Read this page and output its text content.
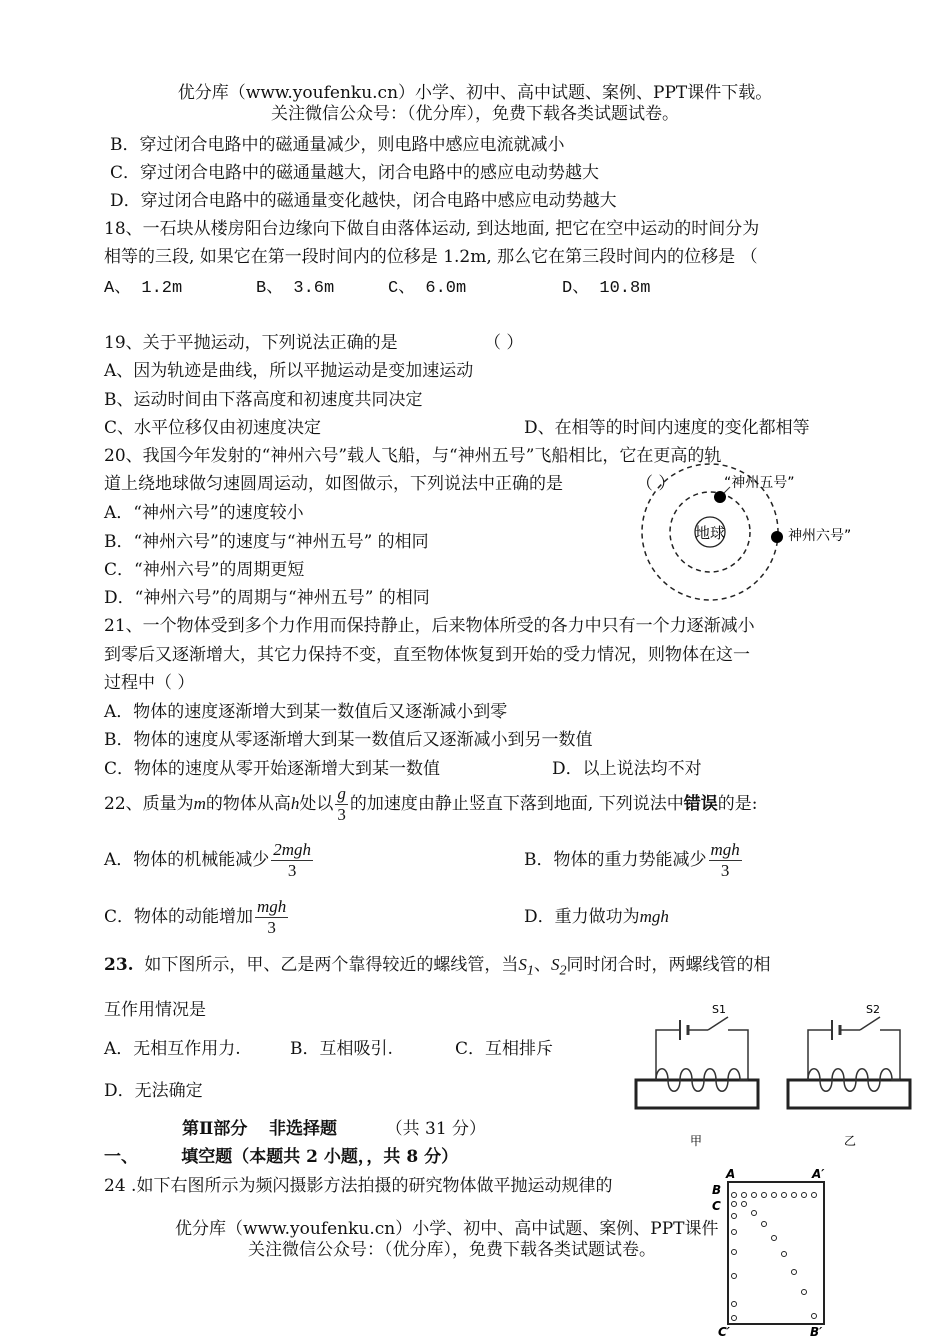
优分库（www.youfenku.cn）小学、初中、高中试题、案例、PPT课件下载。
关注微信公众号：（优分库），免费下载各类试题试卷。
B．穿过闭合电路中的磁通量减少，则电路中感应电流就减小
C．穿过闭合电路中的磁通量越大，闭合电路中的感应电动势越大
D．穿过闭合电路中的磁通量变化越快，闭合电路中感应电动势越大
18、一石块从楼房阳台边缘向下做自由落体运动, 到达地面, 把它在空中运动的时间分为
相等的三段, 如果它在第一段时间内的位移是 1.2m, 那么它在第三段时间内的位移是 （
A、 1.2m	B、 3.6m	C、 6.0m	D、 10.8m
19、关于平抛运动，下列说法正确的是	（ ）
A、因为轨迹是曲线，所以平抛运动是变加速运动
B、运动时间由下落高度和初速度共同决定
C、水平位移仅由初速度决定	D、在相等的时间内速度的变化都相等
20、我国今年发射的“神州六号”载人飞船，与“神州五号”飞船相比，它在更高的轨
道上绕地球做匀速圆周运动，如图做示，下列说法中正确的是	（ ）
A．“神州六号”的速度较小
B．“神州六号”的速度与“神州五号” 的相同
C．“神州六号”的周期更短
D．“神州六号”的周期与“神州五号” 的相同
地球
“神州五号”
神州六号”
21、一个物体受到多个力作用而保持静止，后来物体所受的各力中只有一个力逐渐减小
到零后又逐渐增大，其它力保持不变，直至物体恢复到开始的受力情况，则物体在这一
过程中（ ）
A．物体的速度逐渐增大到某一数值后又逐渐减小到零
B．物体的速度从零逐渐增大到某一数值后又逐渐减小到另一数值
C．物体的速度从零开始逐渐增大到某一数值	D．以上说法均不对
22、质量为m的物体从高h处以 $\frac{g}{3}$ 的加速度由静止竖直下落到地面, 下列说法中错误的是:
A．物体的机械能减少 $\frac{\text{2mgh}}{3}$	B．物体的重力势能减少 $\frac{\text{mgh}}{3}$
C．物体的动能增加 $\frac{\text{mgh}}{3}$	D．重力做功为mgh
23. 如下图所示，甲、乙是两个靠得较近的螺线管，当$S_1$、$S_2$同时闭合时，两螺线管的相
互作用情况是
A．无相互作用力.	B．互相吸引.	C．互相排斥
D．无法确定
S1
甲
S2
乙
第Ⅱ部分 非选择题	（共 31 分）
一、	填空题（本题共 2 小题，，共 8 分）
24 .如下右图所示为频闪摄影方法拍摄的研究物体做平抛运动规律的
A	A′
B
C
C′	B′
优分库（www.youfenku.cn）小学、初中、高中试题、案例、PPT课件
关注微信公众号：（优分库），免费下载各类试题试卷。
